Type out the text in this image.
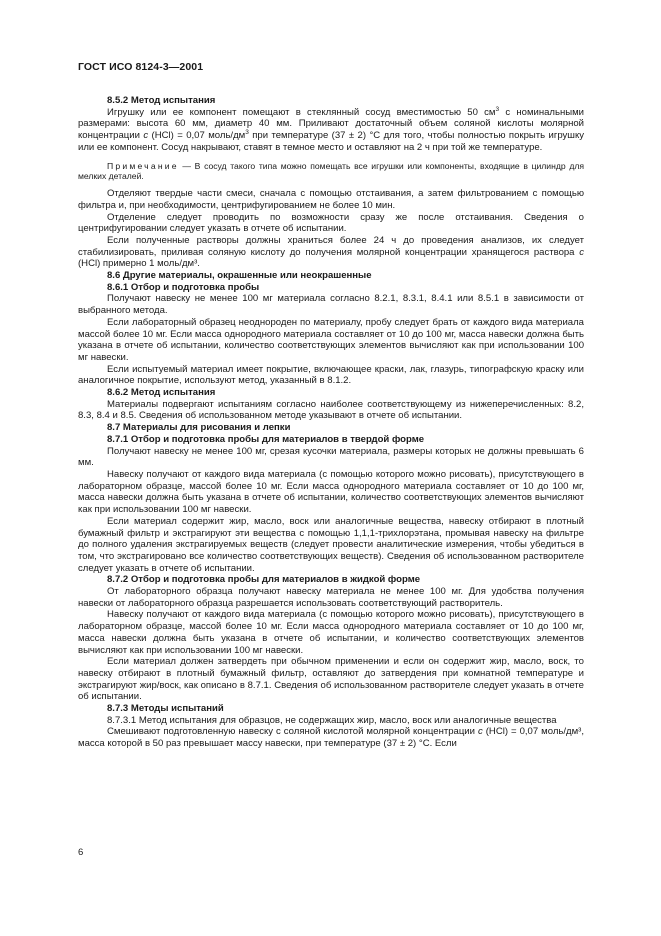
ГОСТ ИСО 8124-3—2001
8.5.2 Метод испытания

Игрушку или ее компонент помещают в стеклянный сосуд вместимостью 50 $см^3$ с номинальными размерами: высота 60 мм, диаметр 40 мм. Приливают достаточный объем соляной кислоты молярной концентрации c (HCl) = 0,07 моль/$дм^3$ при температуре (37 ± 2) °С для того, чтобы полностью покрыть игрушку или ее компонент. Сосуд накрывают, ставят в темное место и оставляют на 2 ч при той же температуре.

Примечание — В сосуд такого типа можно помещать все игрушки или компоненты, входящие в цилиндр для мелких деталей.

Отделяют твердые части смеси, сначала с помощью отстаивания, а затем фильтрованием с помощью фильтра и, при необходимости, центрифугированием не более 10 мин.

Отделение следует проводить по возможности сразу же после отстаивания. Сведения о центрифугировании следует указать в отчете об испытании.

Если полученные растворы должны храниться более 24 ч до проведения анализов, их следует стабилизировать, приливая соляную кислоту до получения молярной концентрации хранящегося раствора c (HCl) примерно 1 моль/дм³.

8.6 Другие материалы, окрашенные или неокрашенные
8.6.1 Отбор и подготовка пробы

Получают навеску не менее 100 мг материала согласно 8.2.1, 8.3.1, 8.4.1 или 8.5.1 в зависимости от выбранного метода.

Если лабораторный образец неоднороден по материалу, пробу следует брать от каждого вида материала массой более 10 мг. Если масса однородного материала составляет от 10 до 100 мг, масса навески должна быть указана в отчете об испытании, количество соответствующих элементов вычисляют как при использовании 100 мг навески.

Если испытуемый материал имеет покрытие, включающее краски, лак, глазурь, типографскую краску или аналогичное покрытие, используют метод, указанный в 8.1.2.

8.6.2 Метод испытания

Материалы подвергают испытаниям согласно наиболее соответствующему из нижеперечисленных: 8.2, 8.3, 8.4 и 8.5. Сведения об использованном методе указывают в отчете об испытании.

8.7 Материалы для рисования и лепки
8.7.1 Отбор и подготовка пробы для материалов в твердой форме

Получают навеску не менее 100 мг, срезая кусочки материала, размеры которых не должны превышать 6 мм.

Навеску получают от каждого вида материала (с помощью которого можно рисовать), присутствующего в лабораторном образце, массой более 10 мг. Если масса однородного материала составляет от 10 до 100 мг, масса навески должна быть указана в отчете об испытании, количество соответствующих элементов вычисляют как при использовании 100 мг навески.

Если материал содержит жир, масло, воск или аналогичные вещества, навеску отбирают в плотный бумажный фильтр и экстрагируют эти вещества с помощью 1,1,1-трихлорэтана, промывая навеску на фильтре до полного удаления экстрагируемых веществ (следует провести аналитические измерения, чтобы убедиться в том, что экстрагировано все количество соответствующих веществ). Сведения об использованном растворителе следует указать в отчете об испытании.

8.7.2 Отбор и подготовка пробы для материалов в жидкой форме

От лабораторного образца получают навеску материала не менее 100 мг. Для удобства получения навески от лабораторного образца разрешается использовать соответствующий растворитель.

Навеску получают от каждого вида материала (с помощью которого можно рисовать), присутствующего в лабораторном образце, массой более 10 мг. Если масса однородного материала составляет от 10 до 100 мг, масса навески должна быть указана в отчете об испытании, и количество соответствующих элементов вычисляют как при использовании 100 мг навески.

Если материал должен затвердеть при обычном применении и если он содержит жир, масло, воск, то навеску отбирают в плотный бумажный фильтр, оставляют до затвердения при комнатной температуре и экстрагируют жир/воск, как описано в 8.7.1. Сведения об использованном растворителе следует указать в отчете об испытании.

8.7.3 Методы испытаний

8.7.3.1 Метод испытания для образцов, не содержащих жир, масло, воск или аналогичные вещества

Смешивают подготовленную навеску с соляной кислотой молярной концентрации c (HCl) = 0,07 моль/дм³, масса которой в 50 раз превышает массу навески, при температуре (37 ± 2) °С. Если

6
